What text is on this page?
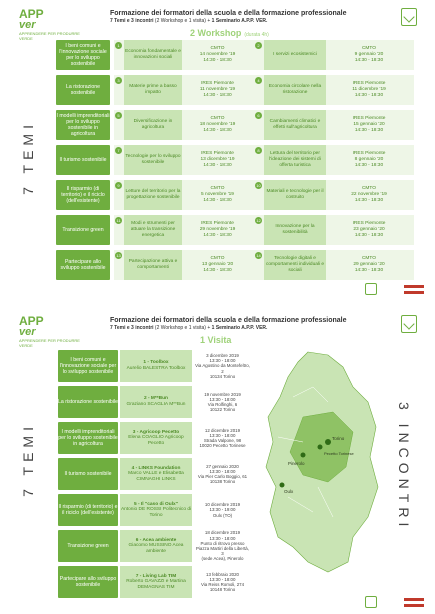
APP
ver
APPRENDERE PER PRODURRE VERDE
Formazione dei formatori della scuola e della formazione professionale
7 Temi e 3 incontri (2 Workshop e 1 visita) + 1 Seminario A.P.P. VER.
2 Workshop (durata 4h)
7 TEMI
I beni comuni e l'innovazione sociale per lo sviluppo sostenibile
1
Economia fondamentale e innovazioni sociali
CMTO
14 novembre '19
14:30 - 18:30
2
I servizi ecosistemici
CMTO
9 gennaio '20
14:30 - 18:30
La ristorazione sostenibile
3
Materie prime a basso impatto
IRES Piemonte
11 novembre '19
14:30 - 18:30
4
Economia circolare nella ristorazione
IRES Piemonte
11 dicembre '19
14:30 - 18:30
I modelli imprenditoriali per lo sviluppo sostenibile in agricoltura
5
Diversificazione in agricoltura
CMTO
18 novembre '19
14:30 - 18:30
6
Cambiamenti climatici e effetti sull'agricoltura
IRES Piemonte
15 gennaio '20
14:30 - 18:30
Il turismo sostenibile
7
Tecnologie per lo sviluppo sostenibile
IRES Piemonte
13 dicembre '19
14:30 - 18:30
8
Lettura del territorio per l'ideazione dei sistemi di offerta turistica
IRES Piemonte
8 gennaio '20
14:30 - 18:30
Il risparmio (di territorio) e il riciclo (dell'esistente)
9
Letture del territorio per la progettazione sostenibile
CMTO
5 novembre '19
14:30 - 18:30
10
Materiali e tecnologie per il costruito
CMTO
22 novembre '19
14:30 - 18:30
Transizione green
11
Modi e strumenti per attuare la transizione energetica
IRES Piemonte
29 novembre '19
14:30 - 18:30
12
Innovazione per la sostenibilità
IRES Piemonte
23 gennaio '20
14:30 - 18:30
Partecipare allo sviluppo sostenibile
13
Partecipazione attiva e comportamenti
CMTO
13 gennaio '20
14:30 - 18:30
14
Tecnologie digitali e comportamenti individuali e sociali
CMTO
29 gennaio '20
14:30 - 18:30
APP
ver
APPRENDERE PER PRODURRE VERDE
Formazione dei formatori della scuola e della formazione professionale
7 Temi e 3 incontri (2 Workshop e 1 visita) + 1 Seminario A.P.P. VER.
1 Visita
7 TEMI	3 INCONTRI
I beni comuni e l'innovazione sociale per lo sviluppo sostenibile
1 - Toolbox
Aurelio BALESTRA Toolbox
3 dicembre 2019
13:30 - 18:00
Via Agostino da Montefeltro, 2
10134 Torino
La ristorazione sostenibile
2 - M**Bun
Graziano SCAGLIA M**Bun
19 novembre 2019
13:30 - 18:00
Via Rolfinghi, 6
10122 Torino
I modelli imprenditoriali per lo sviluppo sostenibile in agricoltura
3 - Agricoop Pecetto
Elena COAGLIO Agricoop Pecetto
12 dicembre 2019
13:30 - 18:00
Strada Valpone, 98
10020 Pecetto Torinese
Il turismo sostenibile
4 - LINKS Foundation
Marco VALLE e Elisabetta CIMNAGHI LINKS
27 gennaio 2020
13:30 - 18:00
Via Pier Carlo Boggio, 61
10138 Torino
Il risparmio (di territorio) e il riciclo (dell'esistente)
5 - Il "caso di Oulx"
Antonio DE ROSSI Politecnico di Torino
10 dicembre 2019
13:30 - 19:00
Oulx (TO)
Transizione green
6 - Acea ambiente
Giacomo MUSSINO Acea ambiente
18 dicembre 2019
13:30 - 18:00
Punto di ritrovo presso Piazza Martiri della Libertà, 3
(sede Acea), Pinerolo
Partecipare allo sviluppo sostenibile
7 - Living Lab TIM
Roberto GAVAZZI e Martina DEMAGNAS TIM
13 febbraio 2020
13:30 - 18:00
Via Reiss Romoli, 274
10148 Torino
Torino
Pecetto Torinese
Oulx
Pinerolo
